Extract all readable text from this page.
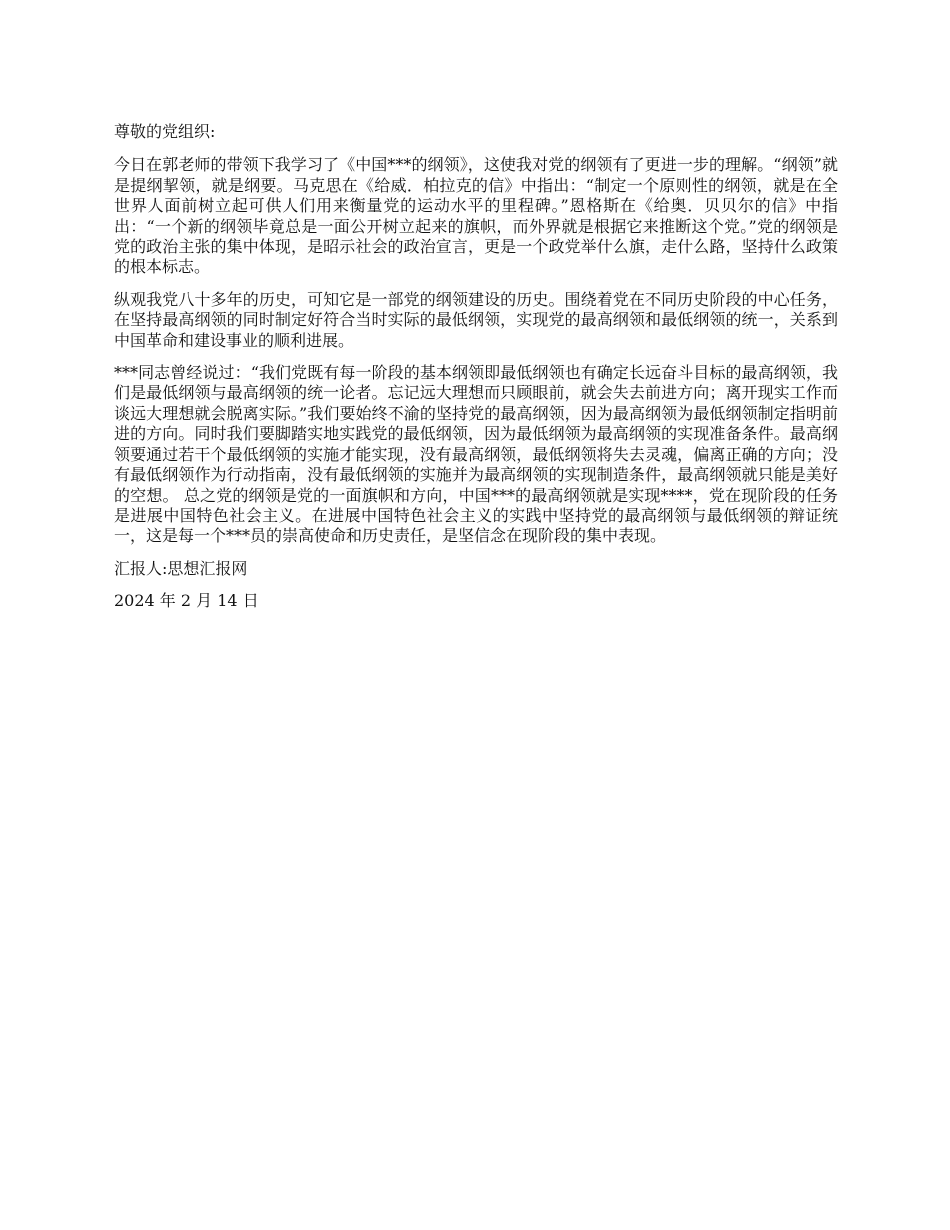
尊敬的党组织:

今日在郭老师的带领下我学习了《中国***的纲领》，这使我对党的纲领有了更进一步的理解。“纲领”就是提纲挈领，就是纲要。马克思在《给威．柏拉克的信》中指出：“制定一个原则性的纲领，就是在全世界人面前树立起可供人们用来衡量党的运动水平的里程碑。”恩格斯在《给奥．贝贝尔的信》中指出：“一个新的纲领毕竟总是一面公开树立起来的旗帜，而外界就是根据它来推断这个党。”党的纲领是党的政治主张的集中体现，是昭示社会的政治宣言，更是一个政党举什么旗，走什么路，坚持什么政策的根本标志。

纵观我党八十多年的历史，可知它是一部党的纲领建设的历史。围绕着党在不同历史阶段的中心任务，在坚持最高纲领的同时制定好符合当时实际的最低纲领，实现党的最高纲领和最低纲领的统一，关系到中国革命和建设事业的顺利进展。

***同志曾经说过：“我们党既有每一阶段的基本纲领即最低纲领也有确定长远奋斗目标的最高纲领，我们是最低纲领与最高纲领的统一论者。忘记远大理想而只顾眼前，就会失去前进方向；离开现实工作而谈远大理想就会脱离实际。”我们要始终不渝的坚持党的最高纲领，因为最高纲领为最低纲领制定指明前进的方向。同时我们要脚踏实地实践党的最低纲领，因为最低纲领为最高纲领的实现准备条件。最高纲领要通过若干个最低纲领的实施才能实现，没有最高纲领，最低纲领将失去灵魂，偏离正确的方向；没有最低纲领作为行动指南，没有最低纲领的实施并为最高纲领的实现制造条件，最高纲领就只能是美好的空想。 总之党的纲领是党的一面旗帜和方向，中国***的最高纲领就是实现****，党在现阶段的任务是进展中国特色社会主义。在进展中国特色社会主义的实践中坚持党的最高纲领与最低纲领的辩证统一，这是每一个***员的崇高使命和历史责任，是坚信念在现阶段的集中表现。

汇报人:思想汇报网

2024 年 2 月 14 日
